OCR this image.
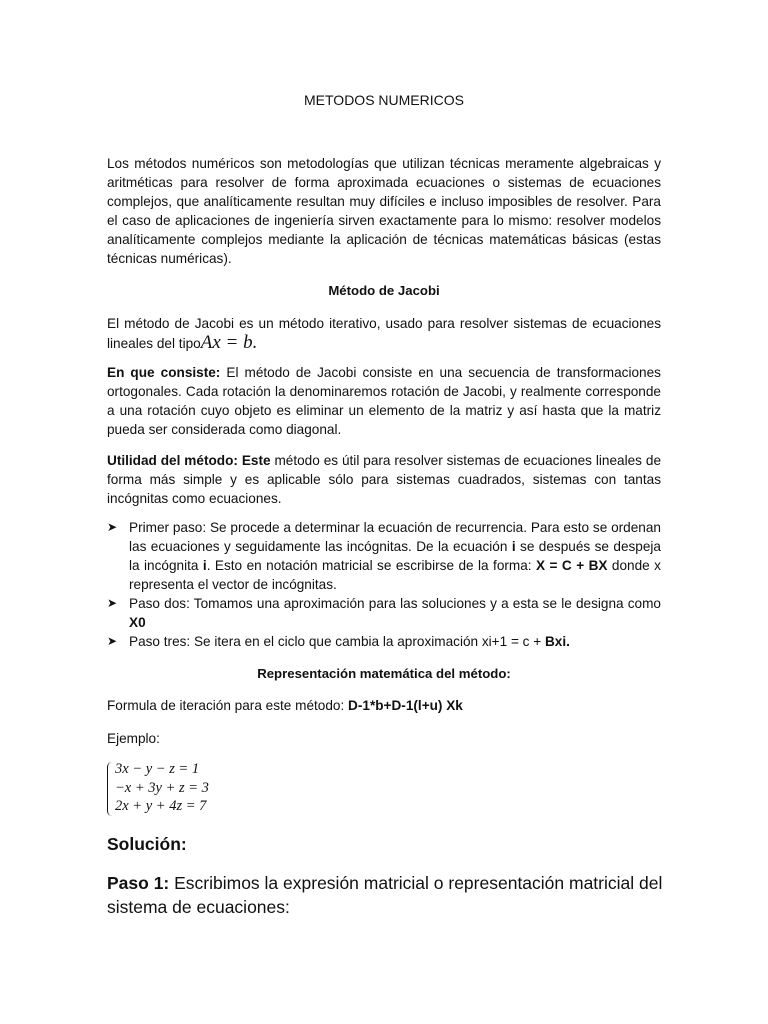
METODOS NUMERICOS
Los métodos numéricos son metodologías que utilizan técnicas meramente algebraicas y aritméticas para resolver de forma aproximada ecuaciones o sistemas de ecuaciones complejos, que analíticamente resultan muy difíciles e incluso imposibles de resolver. Para el caso de aplicaciones de ingeniería sirven exactamente para lo mismo: resolver modelos analíticamente complejos mediante la aplicación de técnicas matemáticas básicas (estas técnicas numéricas).
Método de Jacobi
El método de Jacobi es un método iterativo, usado para resolver sistemas de ecuaciones lineales del tipoAx = b.
En que consiste: El método de Jacobi consiste en una secuencia de transformaciones ortogonales. Cada rotación la denominaremos rotación de Jacobi, y realmente corresponde a una rotación cuyo objeto es eliminar un elemento de la matriz y así hasta que la matriz pueda ser considerada como diagonal.
Utilidad del método: Este método es útil para resolver sistemas de ecuaciones lineales de forma más simple y es aplicable sólo para sistemas cuadrados, sistemas con tantas incógnitas como ecuaciones.
➤ Primer paso: Se procede a determinar la ecuación de recurrencia. Para esto se ordenan las ecuaciones y seguidamente las incógnitas. De la ecuación i se después se despeja la incógnita i. Esto en notación matricial se escribirse de la forma: X = C + BX donde x representa el vector de incógnitas.
➤ Paso dos: Tomamos una aproximación para las soluciones y a esta se le designa como X0
➤ Paso tres: Se itera en el ciclo que cambia la aproximación xi+1 = c + Bxi.
Representación matemática del método:
Formula de iteración para este método: D-1*b+D-1(l+u) Xk
Ejemplo:
3x − y − z = 1
−x + 3y + z = 3
2x + y + 4z = 7
Solución:
Paso 1: Escribimos la expresión matricial o representación matricial del sistema de ecuaciones:
